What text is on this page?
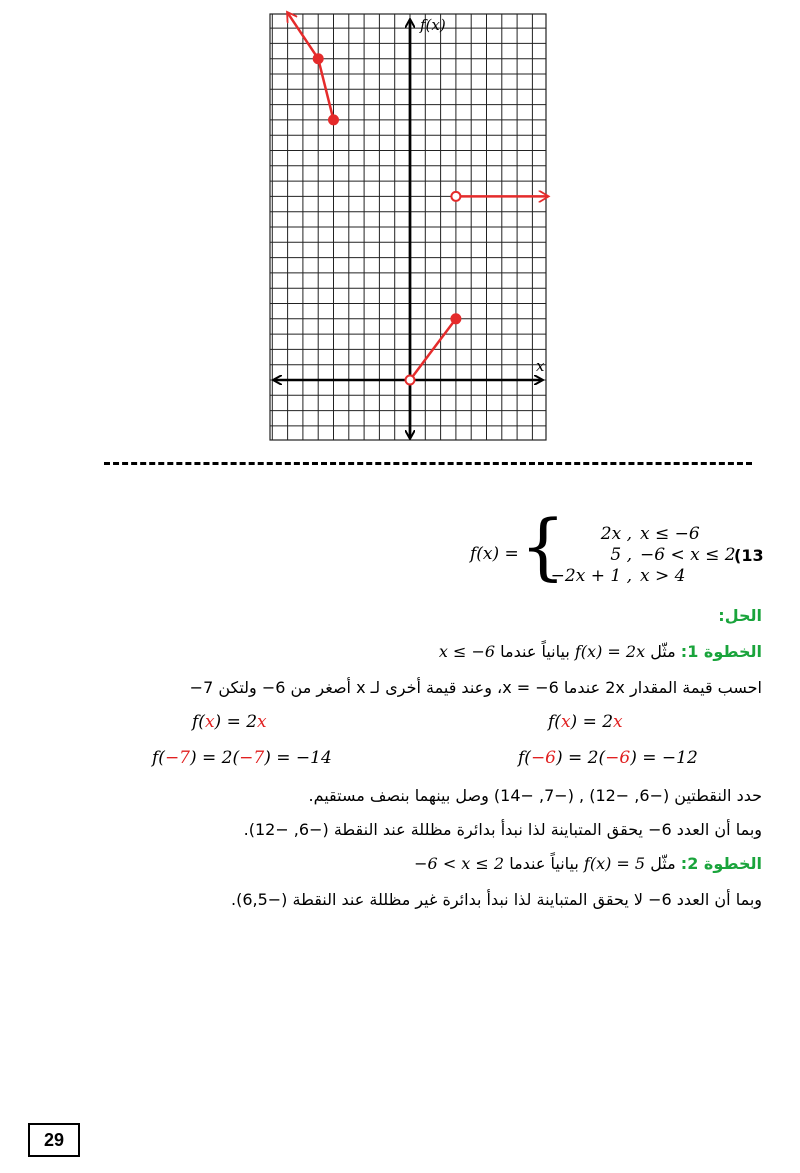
f(x)
x
f(x) = {	2x , x ≤ −6
5 , −6 < x ≤ 2
−2x + 1 , x > 4
(13
الحل:
الخطوة 1: مثّل f(x) = 2x بيانياً عندما x ≤ −6
احسب قيمة المقدار 2x عندما x = −6، وعند قيمة أخرى لـ x أصغر من 6− ولتكن 7−
f(x) = 2x	f(x) = 2x
f(−7) = 2(−7) = −14	f(−6) = 2(−6) = −12
حدد النقطتين (−6, −12) , (−7, −14) وصل بينهما بنصف مستقيم.
وبما أن العدد 6− يحقق المتباينة لذا نبدأ بدائرة مظللة عند النقطة (−6, −12).
الخطوة 2: مثّل f(x) = 5 بيانياً عندما −6 < x ≤ 2
وبما أن العدد 6− لا يحقق المتباينة لذا نبدأ بدائرة غير مظللة عند النقطة (−6,5).
29
